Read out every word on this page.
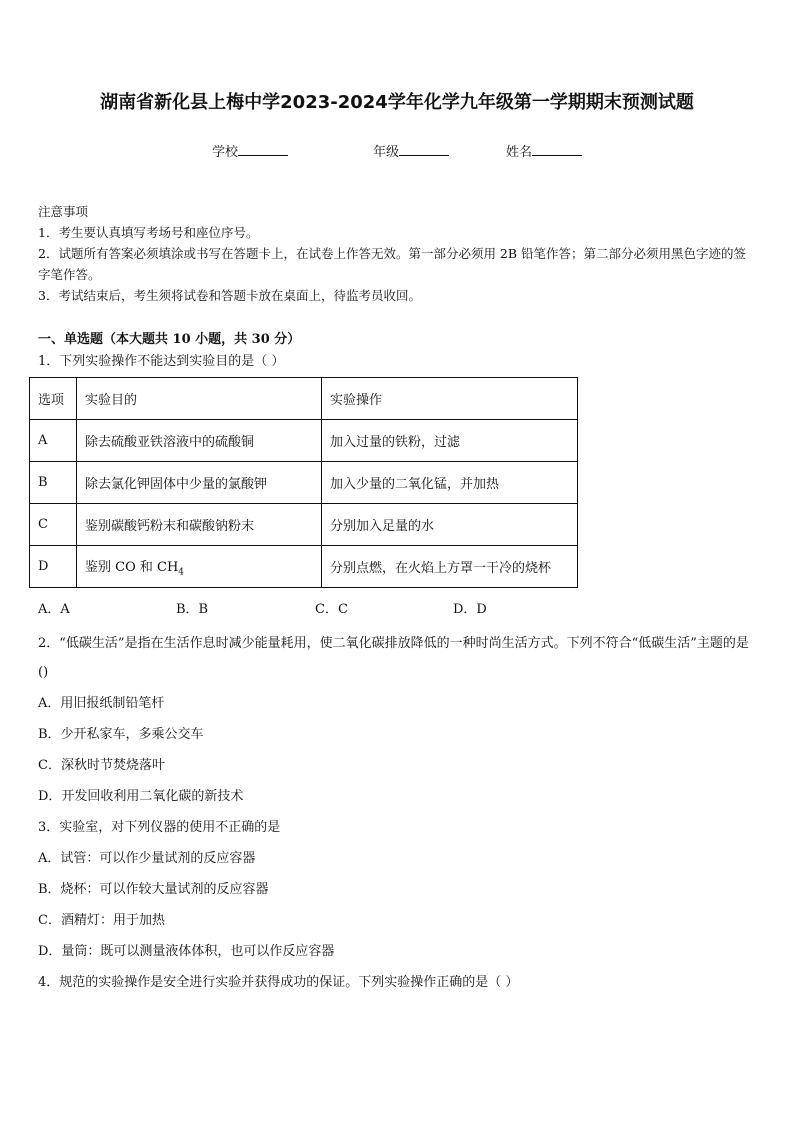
湖南省新化县上梅中学2023-2024学年化学九年级第一学期期末预测试题
学校	年级	姓名
注意事项
1．考生要认真填写考场号和座位序号。
2．试题所有答案必须填涂或书写在答题卡上，在试卷上作答无效。第一部分必须用 2B 铅笔作答；第二部分必须用黑色字迹的签字笔作答。
3．考试结束后，考生须将试卷和答题卡放在桌面上，待监考员收回。
一、单选题（本大题共 10 小题，共 30 分）
1．下列实验操作不能达到实验目的是（ ）
选项	实验目的	实验操作
A	除去硫酸亚铁溶液中的硫酸铜	加入过量的铁粉，过滤
B	除去氯化钾固体中少量的氯酸钾	加入少量的二氧化锰，并加热
C	鉴别碳酸钙粉末和碳酸钠粉末	分别加入足量的水
D	鉴别 CO 和 $CH_4$	分别点燃，在火焰上方罩一干冷的烧杯
A．A	B．B	C．C	D．D
2．“低碳生活”是指在生活作息时减少能量耗用，使二氧化碳排放降低的一种时尚生活方式。下列不符合“低碳生活”主题的是()
A．用旧报纸制铅笔杆
B．少开私家车，多乘公交车
C．深秋时节焚烧落叶
D．开发回收利用二氧化碳的新技术
3．实验室，对下列仪器的使用不正确的是
A．试管：可以作少量试剂的反应容器
B．烧杯：可以作较大量试剂的反应容器
C．酒精灯：用于加热
D．量筒：既可以测量液体体积，也可以作反应容器
4．规范的实验操作是安全进行实验并获得成功的保证。下列实验操作正确的是（ ）
